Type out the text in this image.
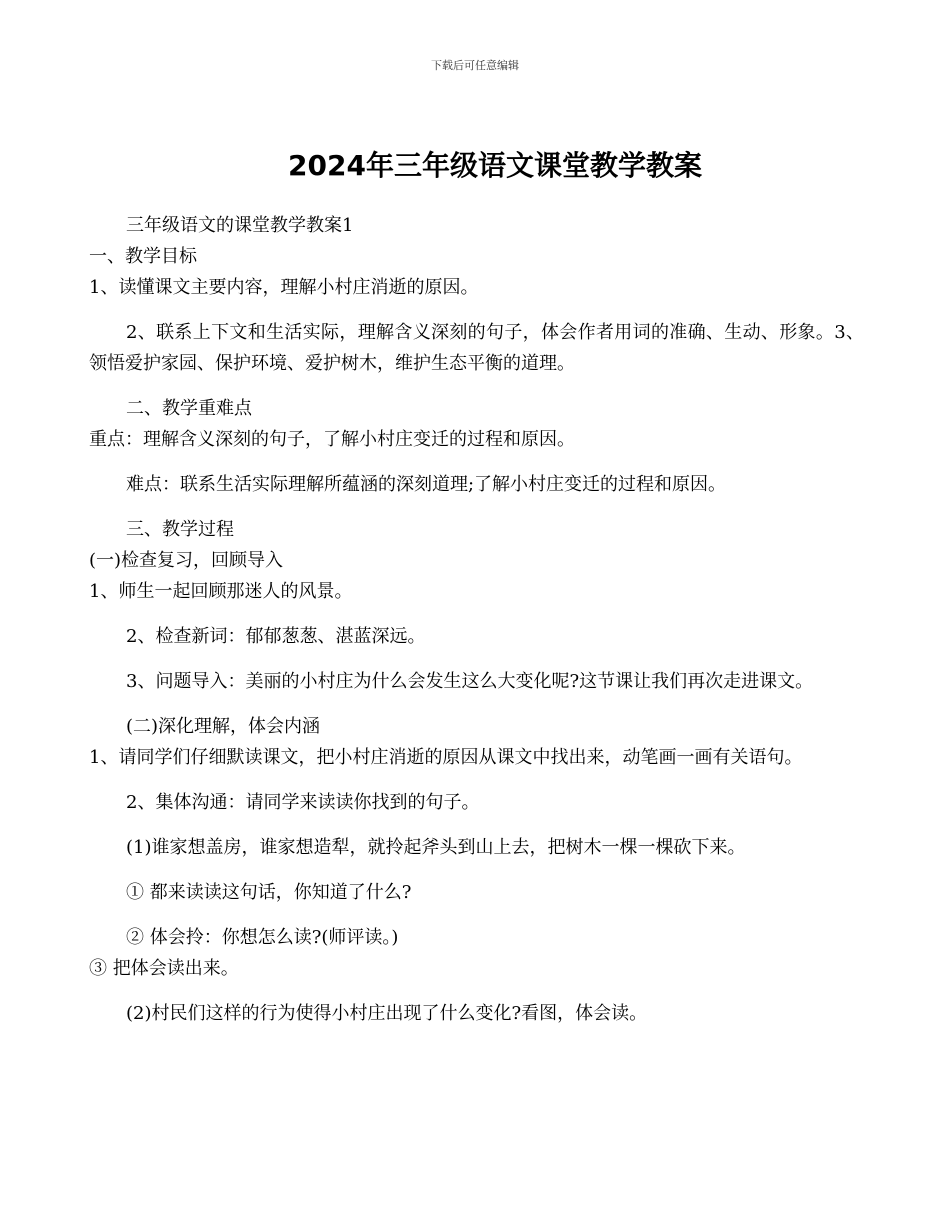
下载后可任意编辑
2024年三年级语文课堂教学教案

三年级语文的课堂教学教案1

一、教学目标

1、读懂课文主要内容，理解小村庄消逝的原因。

2、联系上下文和生活实际，理解含义深刻的句子，体会作者用词的准确、生动、形象。3、领悟爱护家园、保护环境、爱护树木，维护生态平衡的道理。

二、教学重难点

重点：理解含义深刻的句子，了解小村庄变迁的过程和原因。

难点：联系生活实际理解所蕴涵的深刻道理;了解小村庄变迁的过程和原因。

三、教学过程

(一)检查复习，回顾导入

1、师生一起回顾那迷人的风景。

2、检查新词：郁郁葱葱、湛蓝深远。

3、问题导入：美丽的小村庄为什么会发生这么大变化呢?这节课让我们再次走进课文。

(二)深化理解，体会内涵

1、请同学们仔细默读课文，把小村庄消逝的原因从课文中找出来，动笔画一画有关语句。

2、集体沟通：请同学来读读你找到的句子。

(1)谁家想盖房，谁家想造犁，就拎起斧头到山上去，把树木一棵一棵砍下来。

① 都来读读这句话，你知道了什么?

② 体会拎：你想怎么读?(师评读。)

③ 把体会读出来。

(2)村民们这样的行为使得小村庄出现了什么变化?看图，体会读。
